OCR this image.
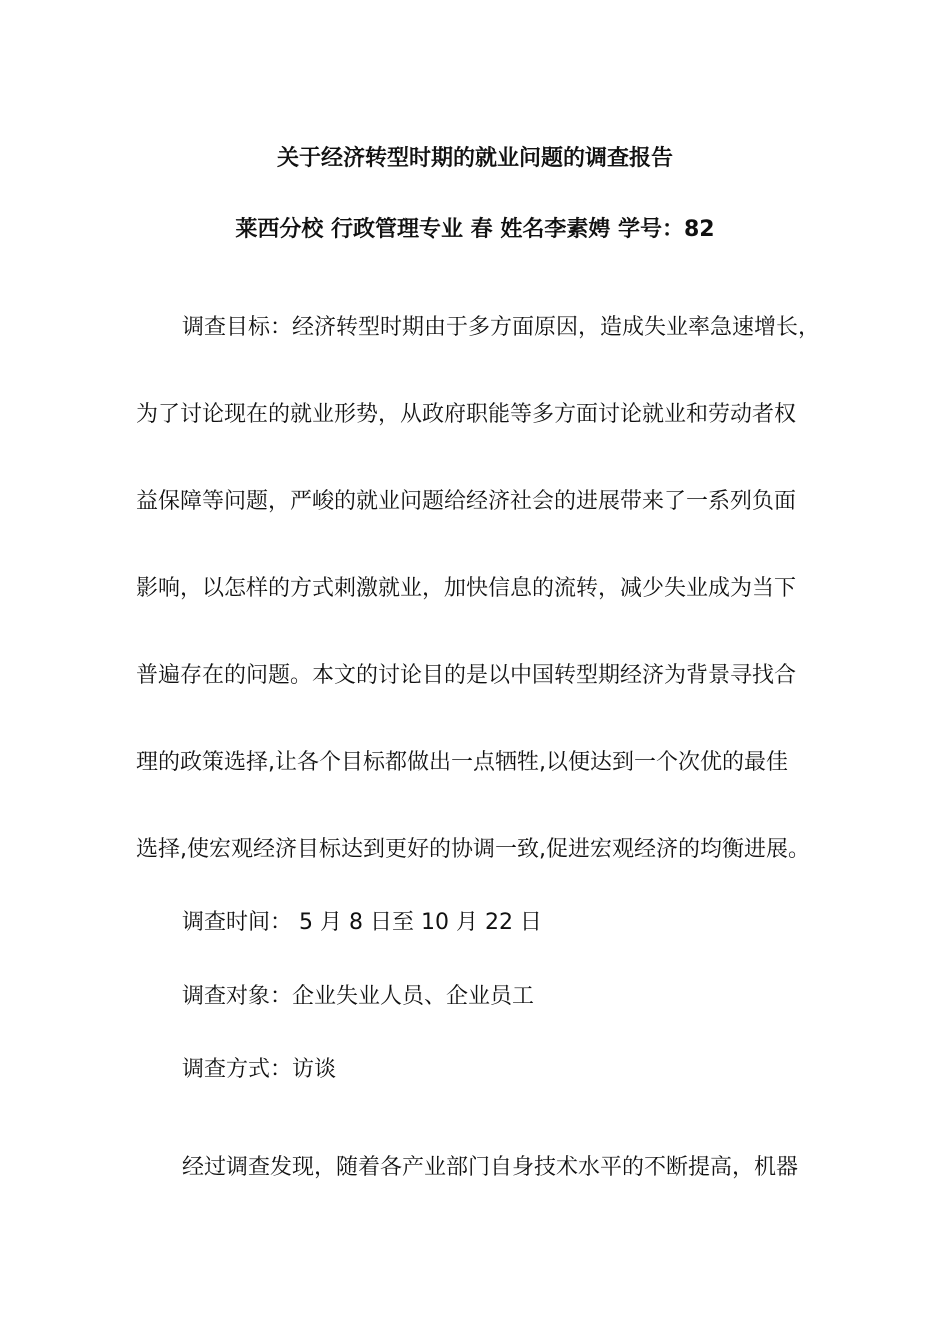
关于经济转型时期的就业问题的调查报告
莱西分校 行政管理专业 春 姓名李素娉 学号：82
调查目标：经济转型时期由于多方面原因，造成失业率急速增长，
为了讨论现在的就业形势，从政府职能等多方面讨论就业和劳动者权
益保障等问题，严峻的就业问题给经济社会的进展带来了一系列负面
影响，以怎样的方式刺激就业，加快信息的流转，减少失业成为当下
普遍存在的问题。本文的讨论目的是以中国转型期经济为背景寻找合
理的政策选择,让各个目标都做出一点牺牲,以便达到一个次优的最佳
选择,使宏观经济目标达到更好的协调一致,促进宏观经济的均衡进展。
调查时间： 5 月 8 日至 10 月 22 日
调查对象：企业失业人员、企业员工
调查方式：访谈
经过调查发现，随着各产业部门自身技术水平的不断提高，机器
